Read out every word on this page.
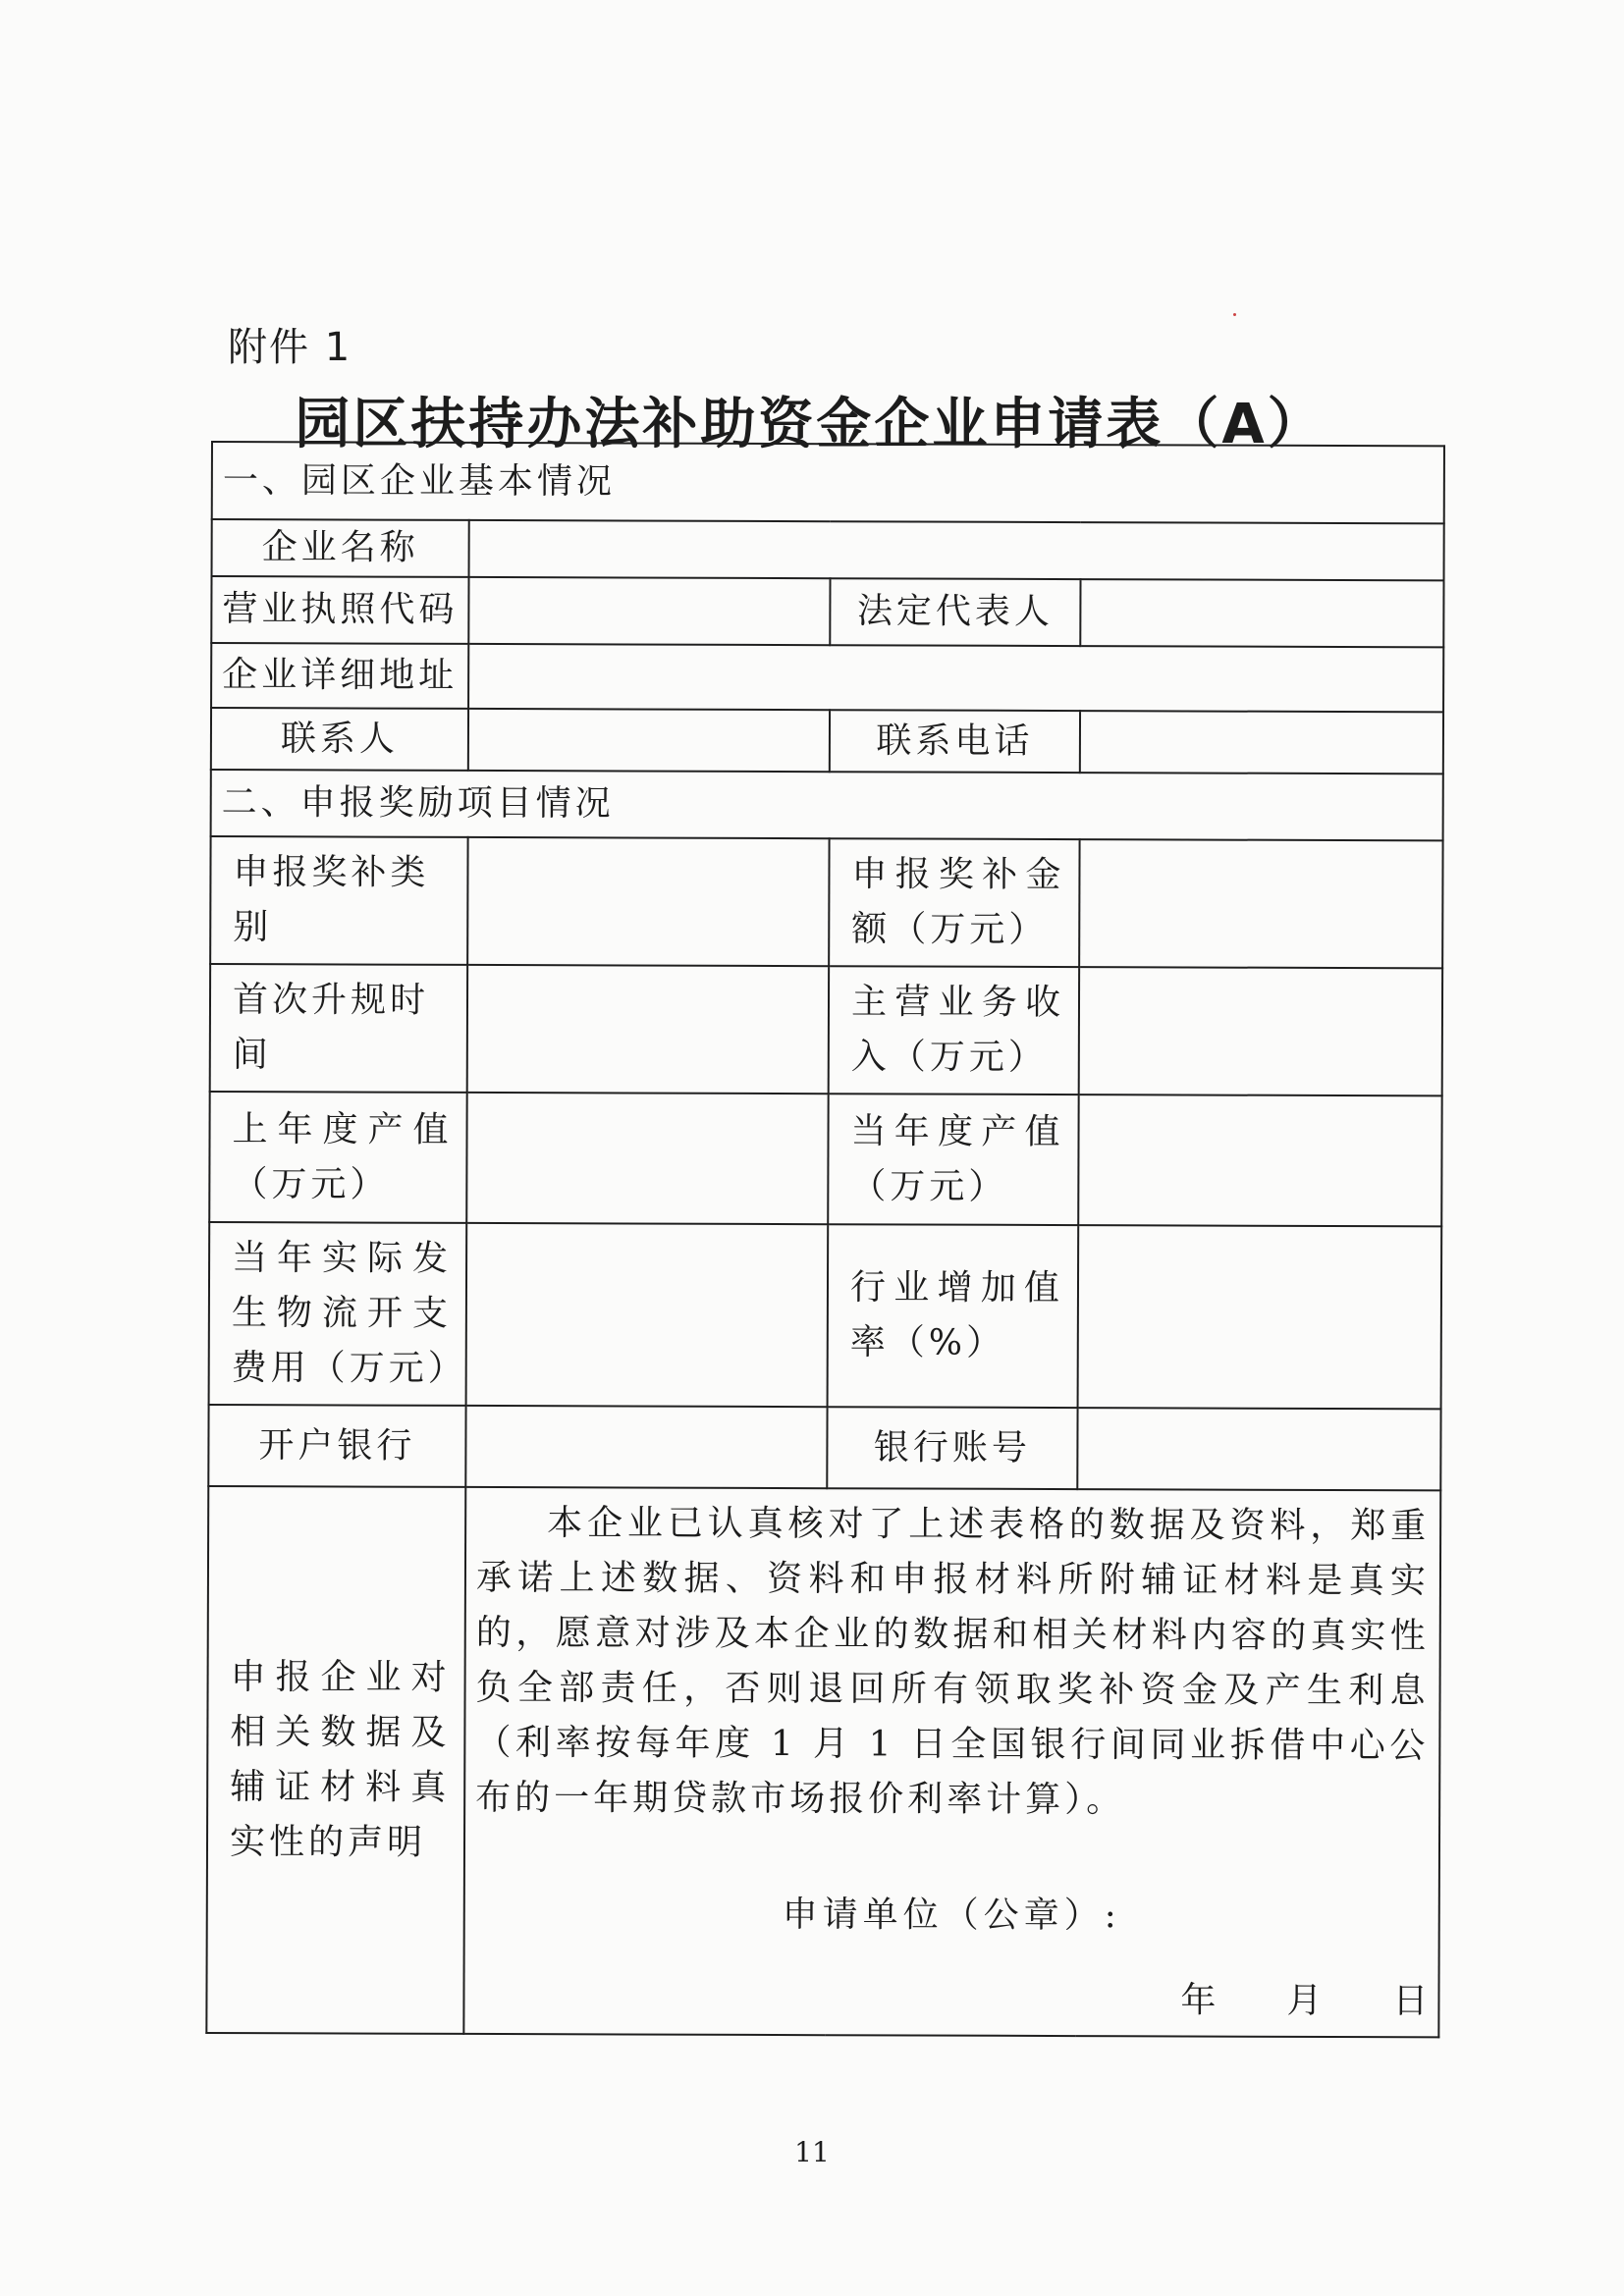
附件 1
园区扶持办法补助资金企业申请表（A）
一、园区企业基本情况			
企业名称			
营业执照代码		法定代表人	
企业详细地址			
联系人		联系电话	
二、申报奖励项目情况			
申报奖补类别		申报奖补金额（万元）	
首次升规时间		主营业务收入（万元）	
上年度产值（万元）		当年度产值（万元）	
当年实际发生物流开支费用（万元）		行业增加值率（%）	
开户银行		银行账号	
申报企业对相关数据及辅证材料真实性的声明	本企业已认真核对了上述表格的数据及资料，郑重承诺上述数据、资料和申报材料所附辅证材料是真实的，愿意对涉及本企业的数据和相关材料内容的真实性负全部责任，否则退回所有领取奖补资金及产生利息（利率按每年度 1 月 1 日全国银行间同业拆借中心公布的一年期贷款市场报价利率计算）。
申请单位（公章）:
年 月 日		
11
